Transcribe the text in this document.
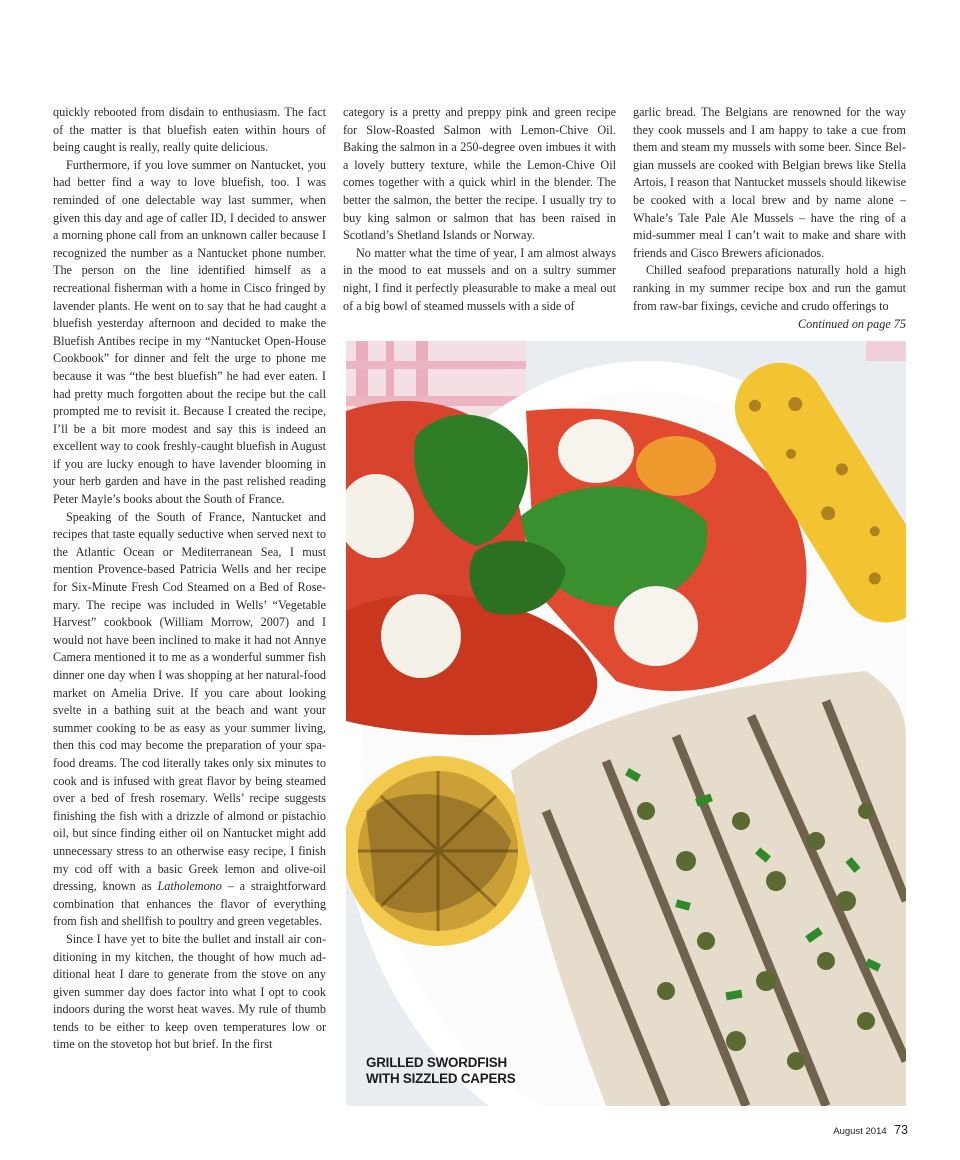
quickly rebooted from disdain to enthusiasm. The fact of the matter is that bluefish eaten within hours of being caught is really, really quite delicious.

Furthermore, if you love summer on Nantucket, you had better find a way to love bluefish, too. I was reminded of one delectable way last summer, when given this day and age of caller ID, I decided to answer a morning phone call from an unknown caller because I recognized the number as a Nantucket phone number. The person on the line identified himself as a recreational fisherman with a home in Cisco fringed by lavender plants. He went on to say that he had caught a bluefish yesterday afternoon and decided to make the Bluefish Antibes recipe in my “Nantucket Open-House Cookbook” for dinner and felt the urge to phone me because it was “the best bluefish” he had ever eaten. I had pretty much forgotten about the recipe but the call prompted me to revisit it. Because I created the recipe, I’ll be a bit more modest and say this is indeed an excellent way to cook freshly-caught bluefish in August if you are lucky enough to have lavender blooming in your herb garden and have in the past relished reading Peter Mayle’s books about the South of France.

Speaking of the South of France, Nantucket and recipes that taste equally seductive when served next to the Atlantic Ocean or Mediterranean Sea, I must mention Provence-based Patricia Wells and her recipe for Six-Minute Fresh Cod Steamed on a Bed of Rosemary. The recipe was included in Wells’ “Vegetable Harvest” cookbook (William Morrow, 2007) and I would not have been inclined to make it had not Annye Camera mentioned it to me as a wonderful summer fish dinner one day when I was shopping at her natural-food market on Amelia Drive. If you care about looking svelte in a bathing suit at the beach and want your summer cooking to be as easy as your summer living, then this cod may become the preparation of your spa-food dreams. The cod literally takes only six minutes to cook and is infused with great flavor by being steamed over a bed of fresh rosemary. Wells’ recipe suggests finishing the fish with a drizzle of almond or pistachio oil, but since finding either oil on Nantucket might add unnecessary stress to an otherwise easy recipe, I finish my cod off with a basic Greek lemon and olive-oil dressing, known as Latholemono – a straightforward combination that enhances the flavor of everything from fish and shellfish to poultry and green vegetables.

Since I have yet to bite the bullet and install air conditioning in my kitchen, the thought of how much additional heat I dare to generate from the stove on any given summer day does factor into what I opt to cook indoors during the worst heat waves. My rule of thumb tends to be either to keep oven temperatures low or time on the stovetop hot but brief. In the first

category is a pretty and preppy pink and green recipe for Slow-Roasted Salmon with Lemon-Chive Oil. Baking the salmon in a 250-degree oven imbues it with a lovely buttery texture, while the Lemon-Chive Oil comes together with a quick whirl in the blender. The better the salmon, the better the recipe. I usually try to buy king salmon or salmon that has been raised in Scotland’s Shetland Islands or Norway.

No matter what the time of year, I am almost always in the mood to eat mussels and on a sultry summer night, I find it perfectly pleasurable to make a meal out of a big bowl of steamed mussels with a side of

garlic bread. The Belgians are renowned for the way they cook mussels and I am happy to take a cue from them and steam my mussels with some beer. Since Belgian mussels are cooked with Belgian brews like Stella Artois, I reason that Nantucket mussels should likewise be cooked with a local brew and by name alone – Whale’s Tale Pale Ale Mussels – have the ring of a mid-summer meal I can’t wait to make and share with friends and Cisco Brewers aficionados.

Chilled seafood preparations naturally hold a high ranking in my summer recipe box and run the gamut from raw-bar fixings, ceviche and crudo offerings to

Continued on page 75
GRILLED SWORDFISH
WITH SIZZLED CAPERS
August 2014 73
